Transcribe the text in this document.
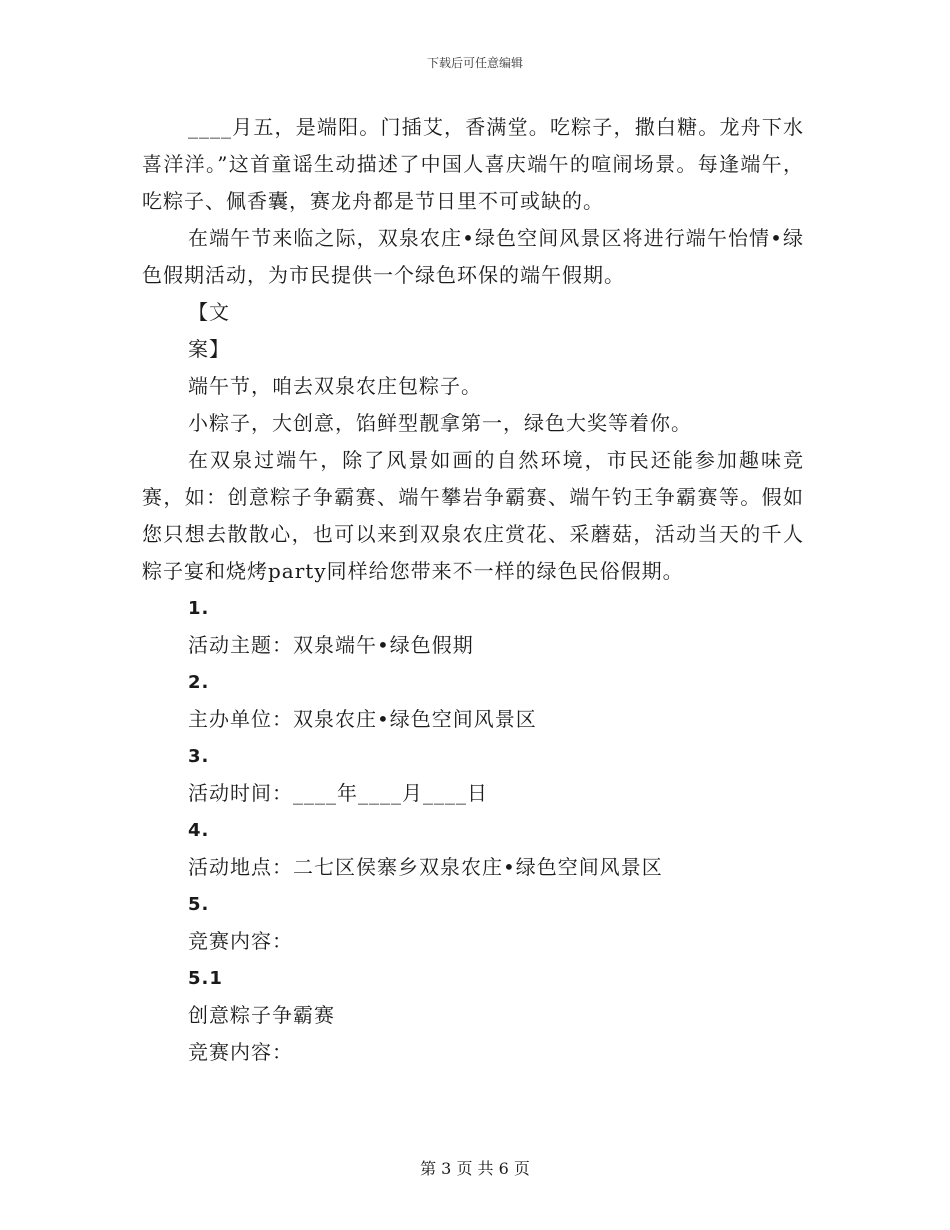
下载后可任意编辑

____月五，是端阳。门插艾，香满堂。吃粽子，撒白糖。龙舟下水喜洋洋。”这首童谣生动描述了中国人喜庆端午的喧闹场景。每逢端午，吃粽子、佩香囊，赛龙舟都是节日里不可或缺的。

在端午节来临之际，双泉农庄•绿色空间风景区将进行端午怡情•绿色假期活动，为市民提供一个绿色环保的端午假期。

【文

案】

端午节，咱去双泉农庄包粽子。

小粽子，大创意，馅鲜型靓拿第一，绿色大奖等着你。

在双泉过端午，除了风景如画的自然环境，市民还能参加趣味竞赛，如：创意粽子争霸赛、端午攀岩争霸赛、端午钓王争霸赛等。假如您只想去散散心，也可以来到双泉农庄赏花、采蘑菇，活动当天的千人粽子宴和烧烤party同样给您带来不一样的绿色民俗假期。

1.

活动主题：双泉端午•绿色假期

2.

主办单位：双泉农庄•绿色空间风景区

3.

活动时间：____年____月____日

4.

活动地点：二七区侯寨乡双泉农庄•绿色空间风景区

5.

竞赛内容：

5.1

创意粽子争霸赛

竞赛内容：

第 3 页 共 6 页
